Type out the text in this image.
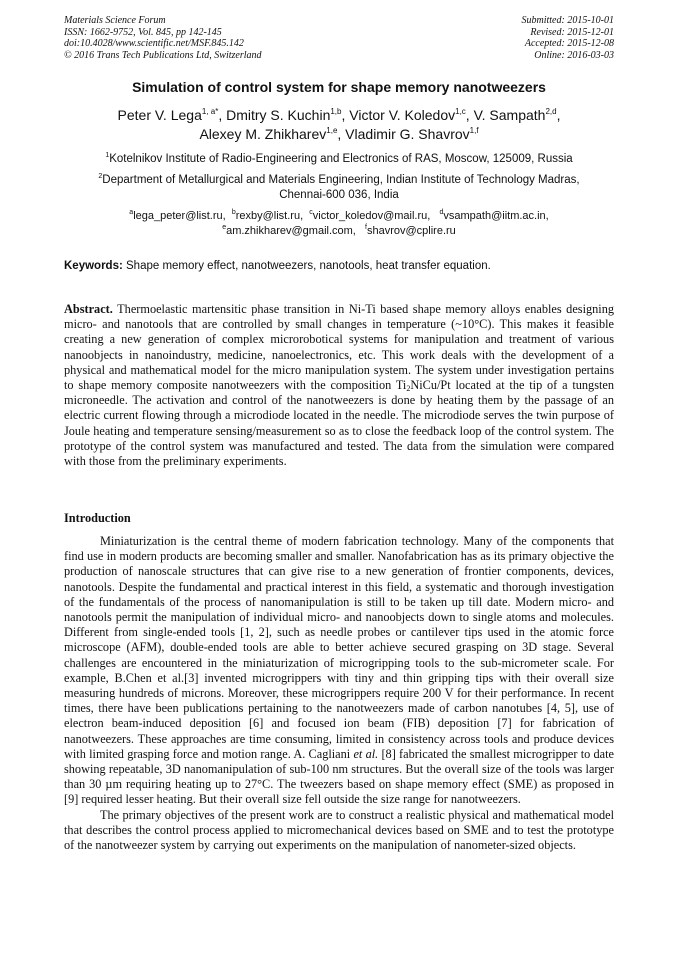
Materials Science Forum
ISSN: 1662-9752, Vol. 845, pp 142-145
doi:10.4028/www.scientific.net/MSF.845.142
© 2016 Trans Tech Publications Ltd, Switzerland
Submitted: 2015-10-01
Revised: 2015-12-01
Accepted: 2015-12-08
Online: 2016-03-03
Simulation of control system for shape memory nanotweezers
Peter V. Lega$^{1, a*}$, Dmitry S. Kuchin$^{1,b}$, Victor V. Koledov$^{1,c}$, V. Sampath$^{2,d}$,
Alexey M. Zhikharev$^{1,e}$, Vladimir G. Shavrov$^{1,f}$
$^1$Kotelnikov Institute of Radio-Engineering and Electronics of RAS, Moscow, 125009, Russia
$^2$Department of Metallurgical and Materials Engineering, Indian Institute of Technology Madras,
Chennai-600 036, India
$^a$lega_peter@list.ru, $^b$rexby@list.ru, $^c$victor_koledov@mail.ru, $^d$vsampath@iitm.ac.in,
$^e$am.zhikharev@gmail.com, $^f$shavrov@cplire.ru
Keywords: Shape memory effect, nanotweezers, nanotools, heat transfer equation.
Abstract. Thermoelastic martensitic phase transition in Ni-Ti based shape memory alloys enables designing micro- and nanotools that are controlled by small changes in temperature (~10°C). This makes it feasible creating a new generation of complex microrobotical systems for manipulation and treatment of various nanoobjects in nanoindustry, medicine, nanoelectronics, etc. This work deals with the development of a physical and mathematical model for the micro manipulation system. The system under investigation pertains to shape memory composite nanotweezers with the composition $Ti_2NiCu/Pt$ located at the tip of a tungsten microneedle. The activation and control of the nanotweezers is done by heating them by the passage of an electric current flowing through a microdiode located in the needle. The microdiode serves the twin purpose of Joule heating and temperature sensing/measurement so as to close the feedback loop of the control system. The prototype of the control system was manufactured and tested. The data from the simulation were compared with those from the preliminary experiments.
Introduction

Miniaturization is the central theme of modern fabrication technology. Many of the components that find use in modern products are becoming smaller and smaller. Nanofabrication has as its primary objective the production of nanoscale structures that can give rise to a new generation of frontier components, devices, nanotools. Despite the fundamental and practical interest in this field, a systematic and thorough investigation of the fundamentals of the process of nanomanipulation is still to be taken up till date. Modern micro- and nanotools permit the manipulation of individual micro- and nanoobjects down to single atoms and molecules. Different from single-ended tools [1, 2], such as needle probes or cantilever tips used in the atomic force microscope (AFM), double-ended tools are able to better achieve secured grasping on 3D stage. Several challenges are encountered in the miniaturization of microgripping tools to the sub-micrometer scale. For example, B.Chen et al.[3] invented microgrippers with tiny and thin gripping tips with their overall size measuring hundreds of microns. Moreover, these microgrippers require 200 V for their performance. In recent times, there have been publications pertaining to the nanotweezers made of carbon nanotubes [4, 5], use of electron beam-induced deposition [6] and focused ion beam (FIB) deposition [7] for fabrication of nanotweezers. These approaches are time consuming, limited in consistency across tools and produce devices with limited grasping force and motion range. A. Cagliani et al. [8] fabricated the smallest microgripper to date showing repeatable, 3D nanomanipulation of sub-100 nm structures. But the overall size of the tools was larger than 30 µm requiring heating up to 27°C. The tweezers based on shape memory effect (SME) as proposed in [9] required lesser heating. But their overall size fell outside the size range for nanotweezers.

The primary objectives of the present work are to construct a realistic physical and mathematical model that describes the control process applied to micromechanical devices based on SME and to test the prototype of the nanotweezer system by carrying out experiments on the manipulation of nanometer-sized objects.
